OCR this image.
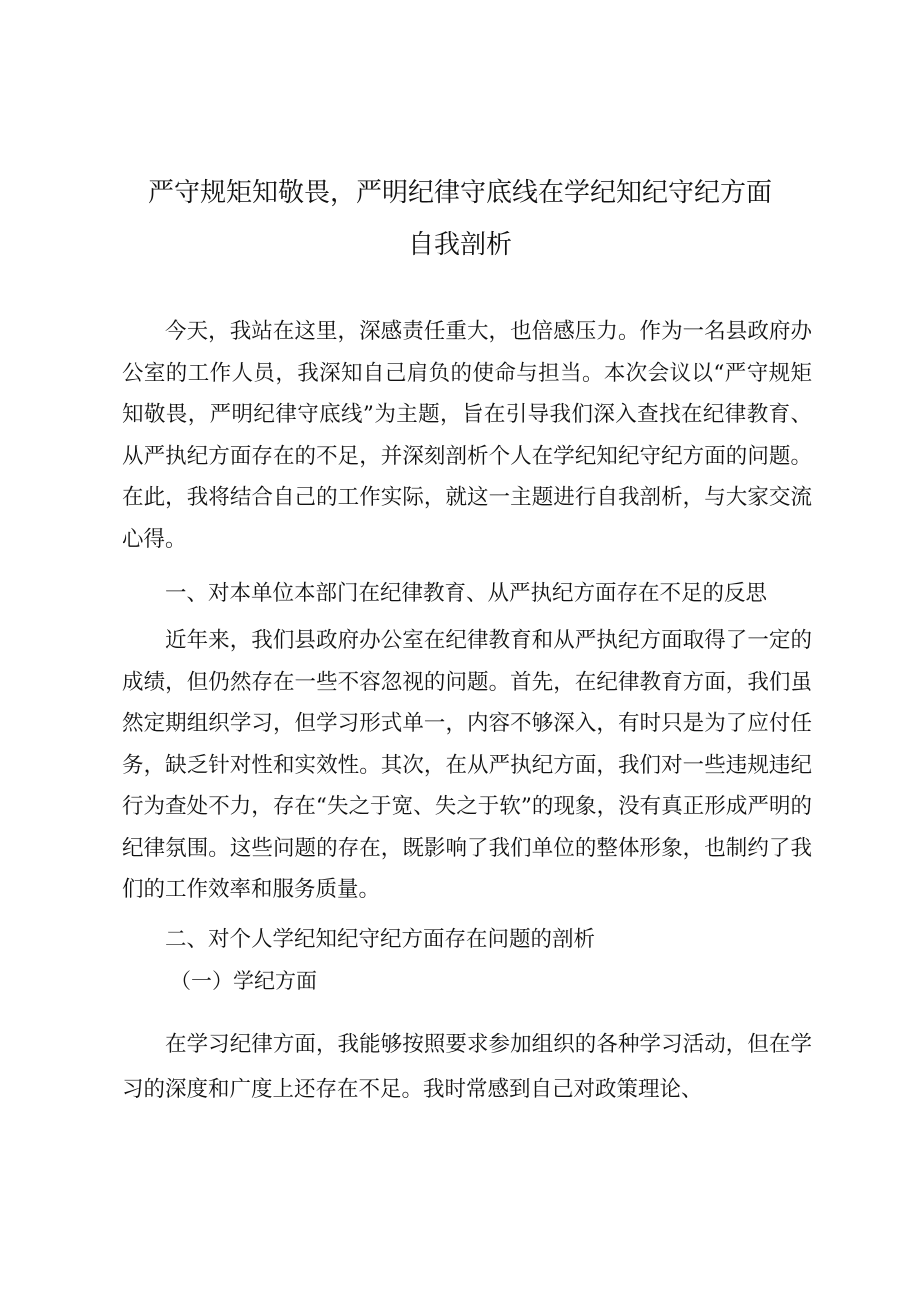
严守规矩知敬畏，严明纪律守底线在学纪知纪守纪方面
自我剖析

今天，我站在这里，深感责任重大，也倍感压力。作为一名县政府办公室的工作人员，我深知自己肩负的使命与担当。本次会议以“严守规矩知敬畏，严明纪律守底线”为主题，旨在引导我们深入查找在纪律教育、从严执纪方面存在的不足，并深刻剖析个人在学纪知纪守纪方面的问题。在此，我将结合自己的工作实际，就这一主题进行自我剖析，与大家交流心得。

一、对本单位本部门在纪律教育、从严执纪方面存在不足的反思

近年来，我们县政府办公室在纪律教育和从严执纪方面取得了一定的成绩，但仍然存在一些不容忽视的问题。首先，在纪律教育方面，我们虽然定期组织学习，但学习形式单一，内容不够深入，有时只是为了应付任务，缺乏针对性和实效性。其次，在从严执纪方面，我们对一些违规违纪行为查处不力，存在“失之于宽、失之于软”的现象，没有真正形成严明的纪律氛围。这些问题的存在，既影响了我们单位的整体形象，也制约了我们的工作效率和服务质量。

二、对个人学纪知纪守纪方面存在问题的剖析
（一）学纪方面

在学习纪律方面，我能够按照要求参加组织的各种学习活动，但在学习的深度和广度上还存在不足。我时常感到自己对政策理论、
